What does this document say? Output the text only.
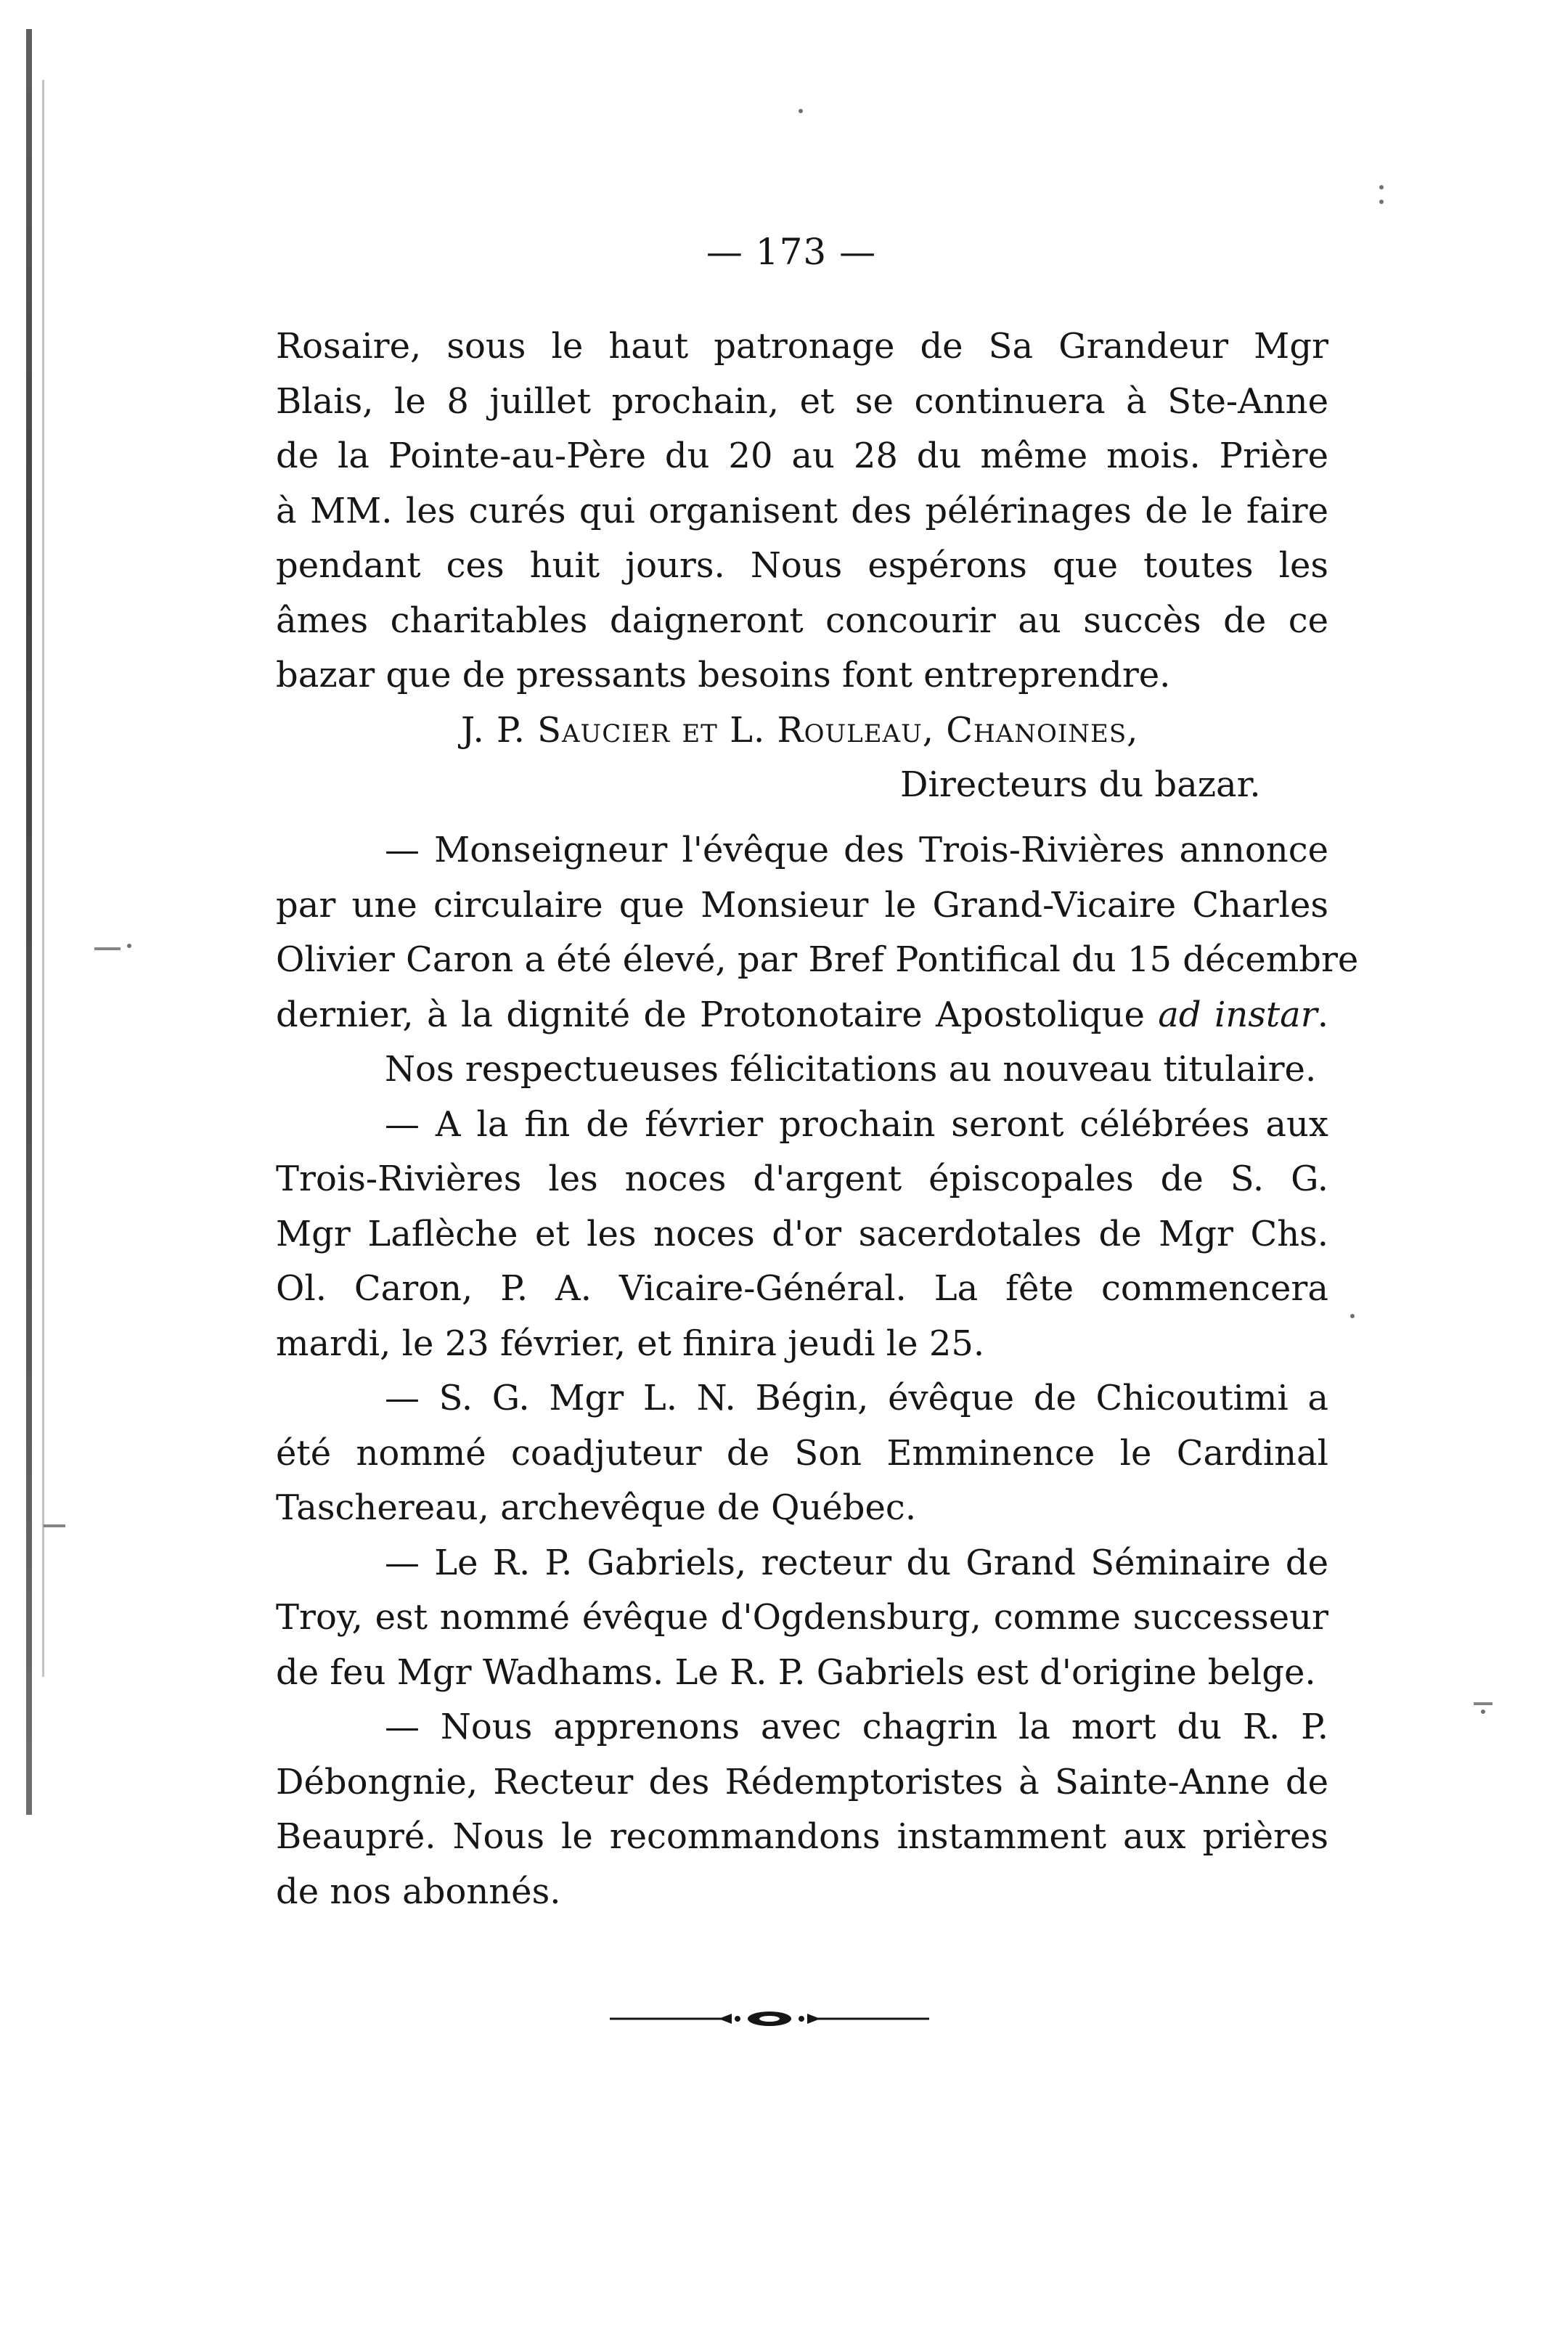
— 173 —
Rosaire, sous le haut patronage de Sa Grandeur Mgr
Blais, le 8 juillet prochain, et se continuera à Ste-Anne
de la Pointe-au-Père du 20 au 28 du même mois. Prière
à MM. les curés qui organisent des pélérinages de le faire
pendant ces huit jours. Nous espérons que toutes les
âmes charitables daigneront concourir au succès de ce
bazar que de pressants besoins font entreprendre.
J. P. Saucier et L. Rouleau, Chanoines,
Directeurs du bazar.
— Monseigneur l'évêque des Trois-Rivières annonce
par une circulaire que Monsieur le Grand-Vicaire Charles
Olivier Caron a été élevé, par Bref Pontifical du 15 décembre
dernier, à la dignité de Protonotaire Apostolique ad instar.
Nos respectueuses félicitations au nouveau titulaire.
— A la fin de février prochain seront célébrées aux
Trois-Rivières les noces d'argent épiscopales de S. G.
Mgr Laflèche et les noces d'or sacerdotales de Mgr Chs.
Ol. Caron, P. A. Vicaire-Général. La fête commencera
mardi, le 23 février, et finira jeudi le 25.
— S. G. Mgr L. N. Bégin, évêque de Chicoutimi a
été nommé coadjuteur de Son Emminence le Cardinal
Taschereau, archevêque de Québec.
— Le R. P. Gabriels, recteur du Grand Séminaire de
Troy, est nommé évêque d'Ogdensburg, comme successeur
de feu Mgr Wadhams. Le R. P. Gabriels est d'origine belge.
— Nous apprenons avec chagrin la mort du R. P.
Débongnie, Recteur des Rédemptoristes à Sainte-Anne de
Beaupré. Nous le recommandons instamment aux prières
de nos abonnés.
